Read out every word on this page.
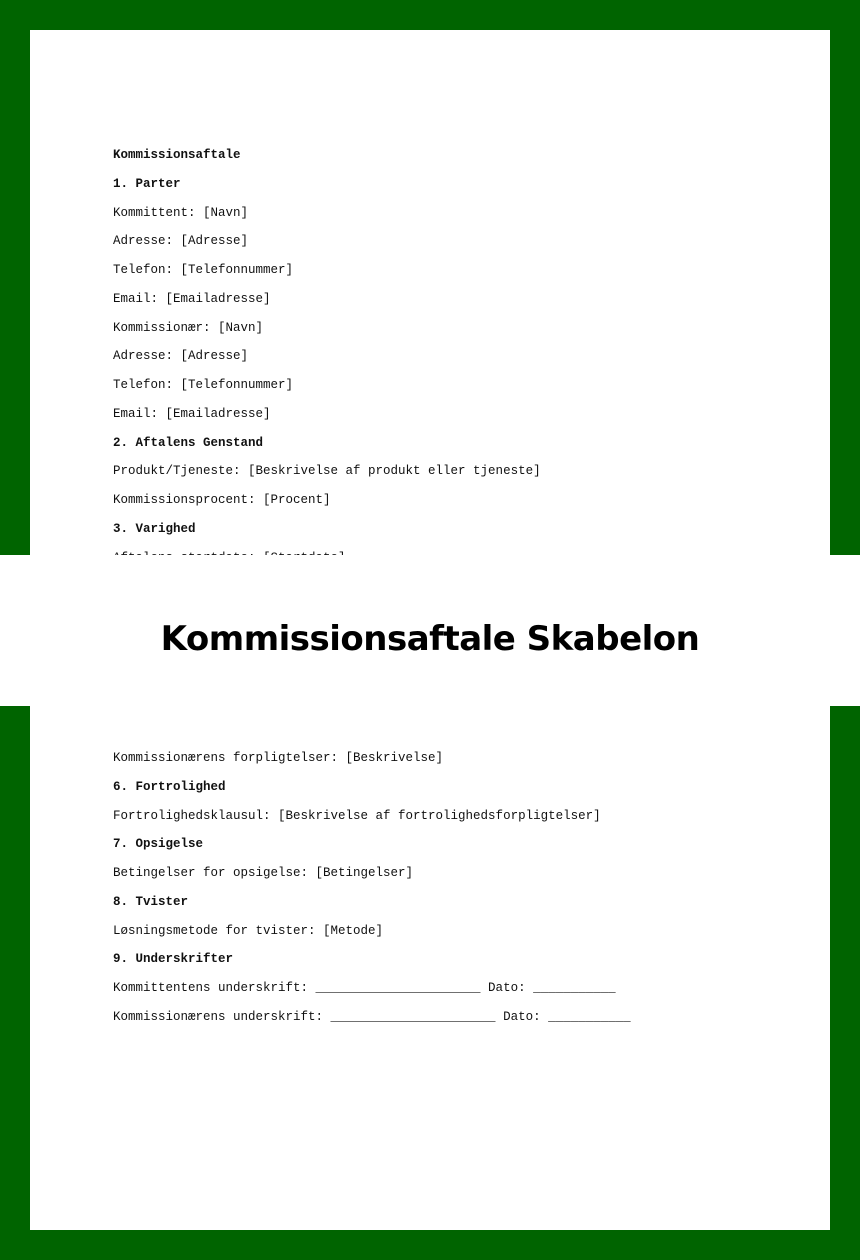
Kommissionsaftale

1. Parter

Kommittent: [Navn]

Adresse: [Adresse]

Telefon: [Telefonnummer]

Email: [Emailadresse]

Kommissionær: [Navn]

Adresse: [Adresse]

Telefon: [Telefonnummer]

Email: [Emailadresse]

2. Aftalens Genstand

Produkt/Tjeneste: [Beskrivelse af produkt eller tjeneste]

Kommissionsprocent: [Procent]

3. Varighed

Kommissionærens forpligtelser: [Beskrivelse]

6. Fortrolighed

Fortrolighedsklausul: [Beskrivelse af fortrolighedsforpligtelser]

7. Opsigelse

Betingelser for opsigelse: [Betingelser]

8. Tvister

Løsningsmetode for tvister: [Metode]

9. Underskrifter

Kommittentens underskrift: ______________________ Dato: ___________

Kommissionærens underskrift: ______________________ Dato: ___________

Kommissionsaftale Skabelon
